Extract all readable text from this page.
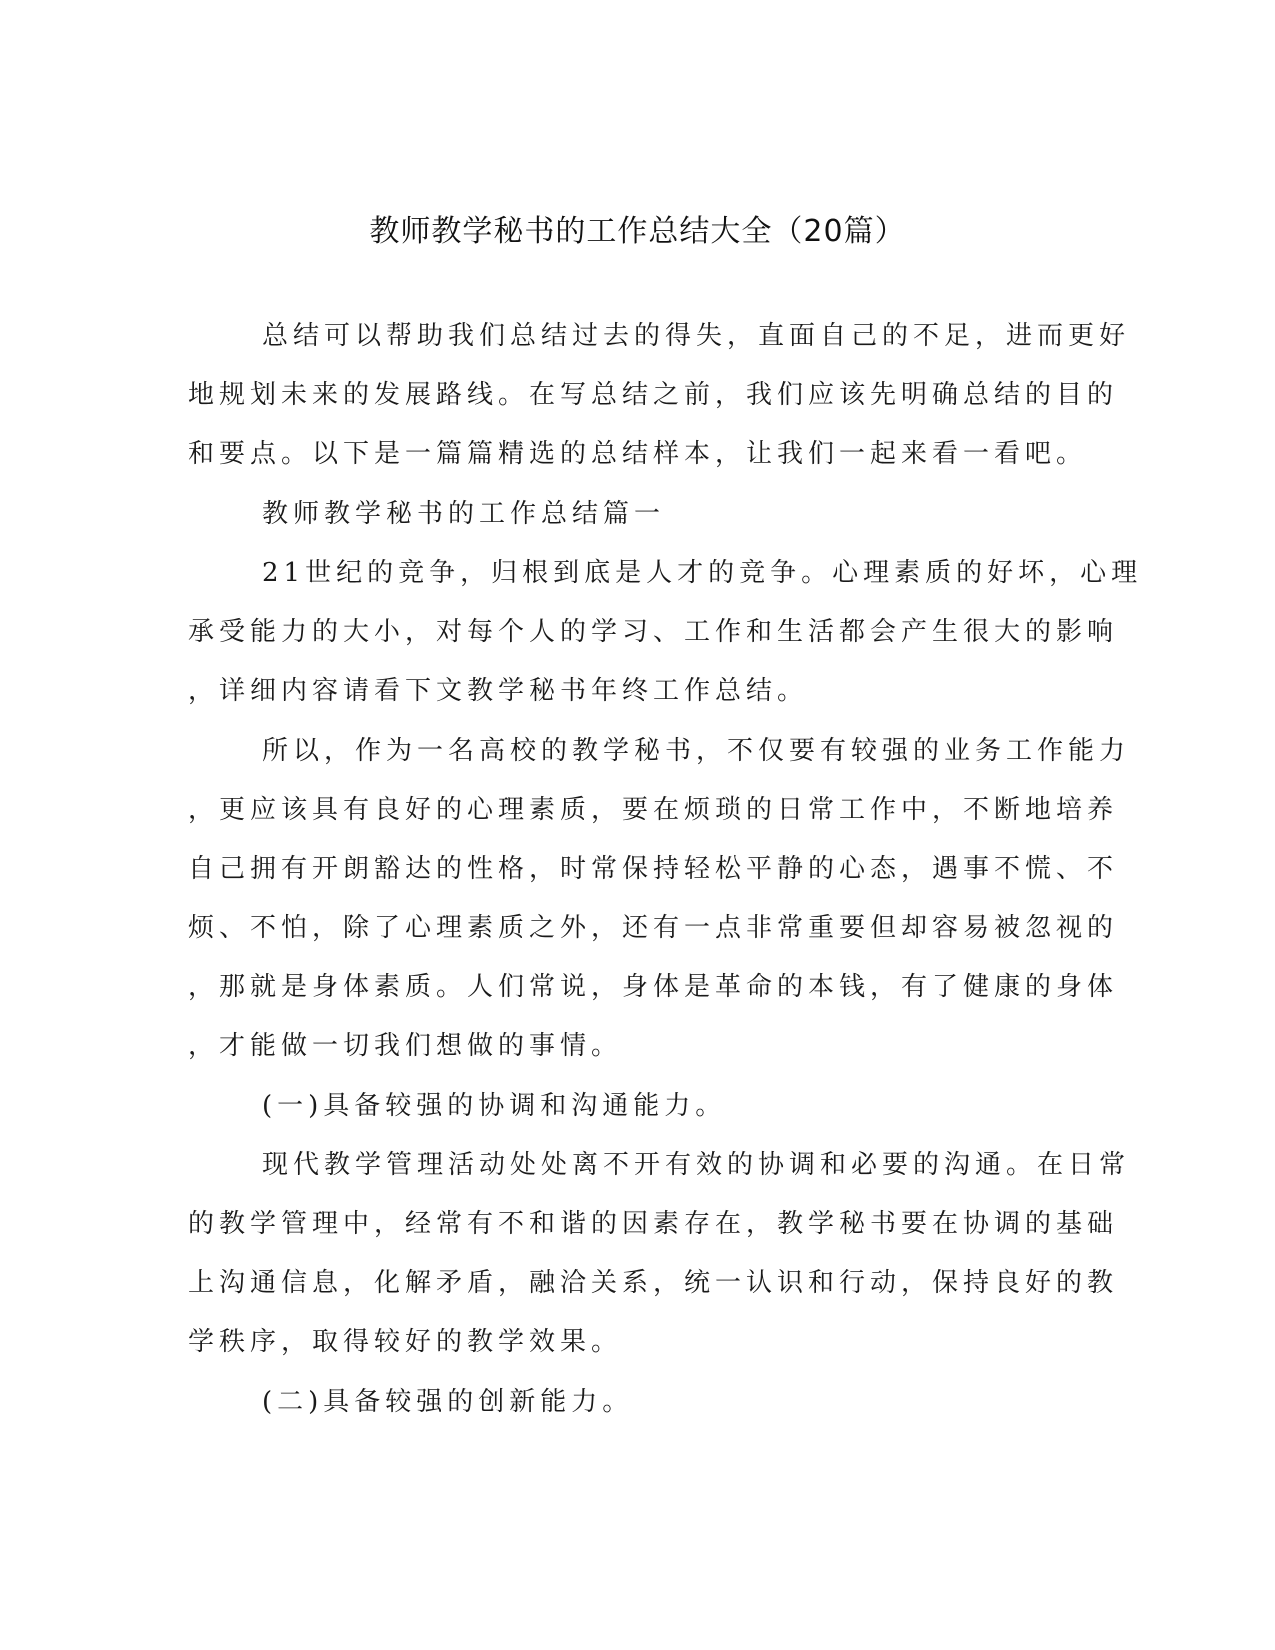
教师教学秘书的工作总结大全（20篇）
总结可以帮助我们总结过去的得失，直面自己的不足，进而更好
地规划未来的发展路线。在写总结之前，我们应该先明确总结的目的
和要点。以下是一篇篇精选的总结样本，让我们一起来看一看吧。
教师教学秘书的工作总结篇一
21世纪的竞争，归根到底是人才的竞争。心理素质的好坏，心理
承受能力的大小，对每个人的学习、工作和生活都会产生很大的影响
，详细内容请看下文教学秘书年终工作总结。
所以，作为一名高校的教学秘书，不仅要有较强的业务工作能力
，更应该具有良好的心理素质，要在烦琐的日常工作中，不断地培养
自己拥有开朗豁达的性格，时常保持轻松平静的心态，遇事不慌、不
烦、不怕，除了心理素质之外，还有一点非常重要但却容易被忽视的
，那就是身体素质。人们常说，身体是革命的本钱，有了健康的身体
，才能做一切我们想做的事情。
(一)具备较强的协调和沟通能力。
现代教学管理活动处处离不开有效的协调和必要的沟通。在日常
的教学管理中，经常有不和谐的因素存在，教学秘书要在协调的基础
上沟通信息，化解矛盾，融洽关系，统一认识和行动，保持良好的教
学秩序，取得较好的教学效果。
(二)具备较强的创新能力。
